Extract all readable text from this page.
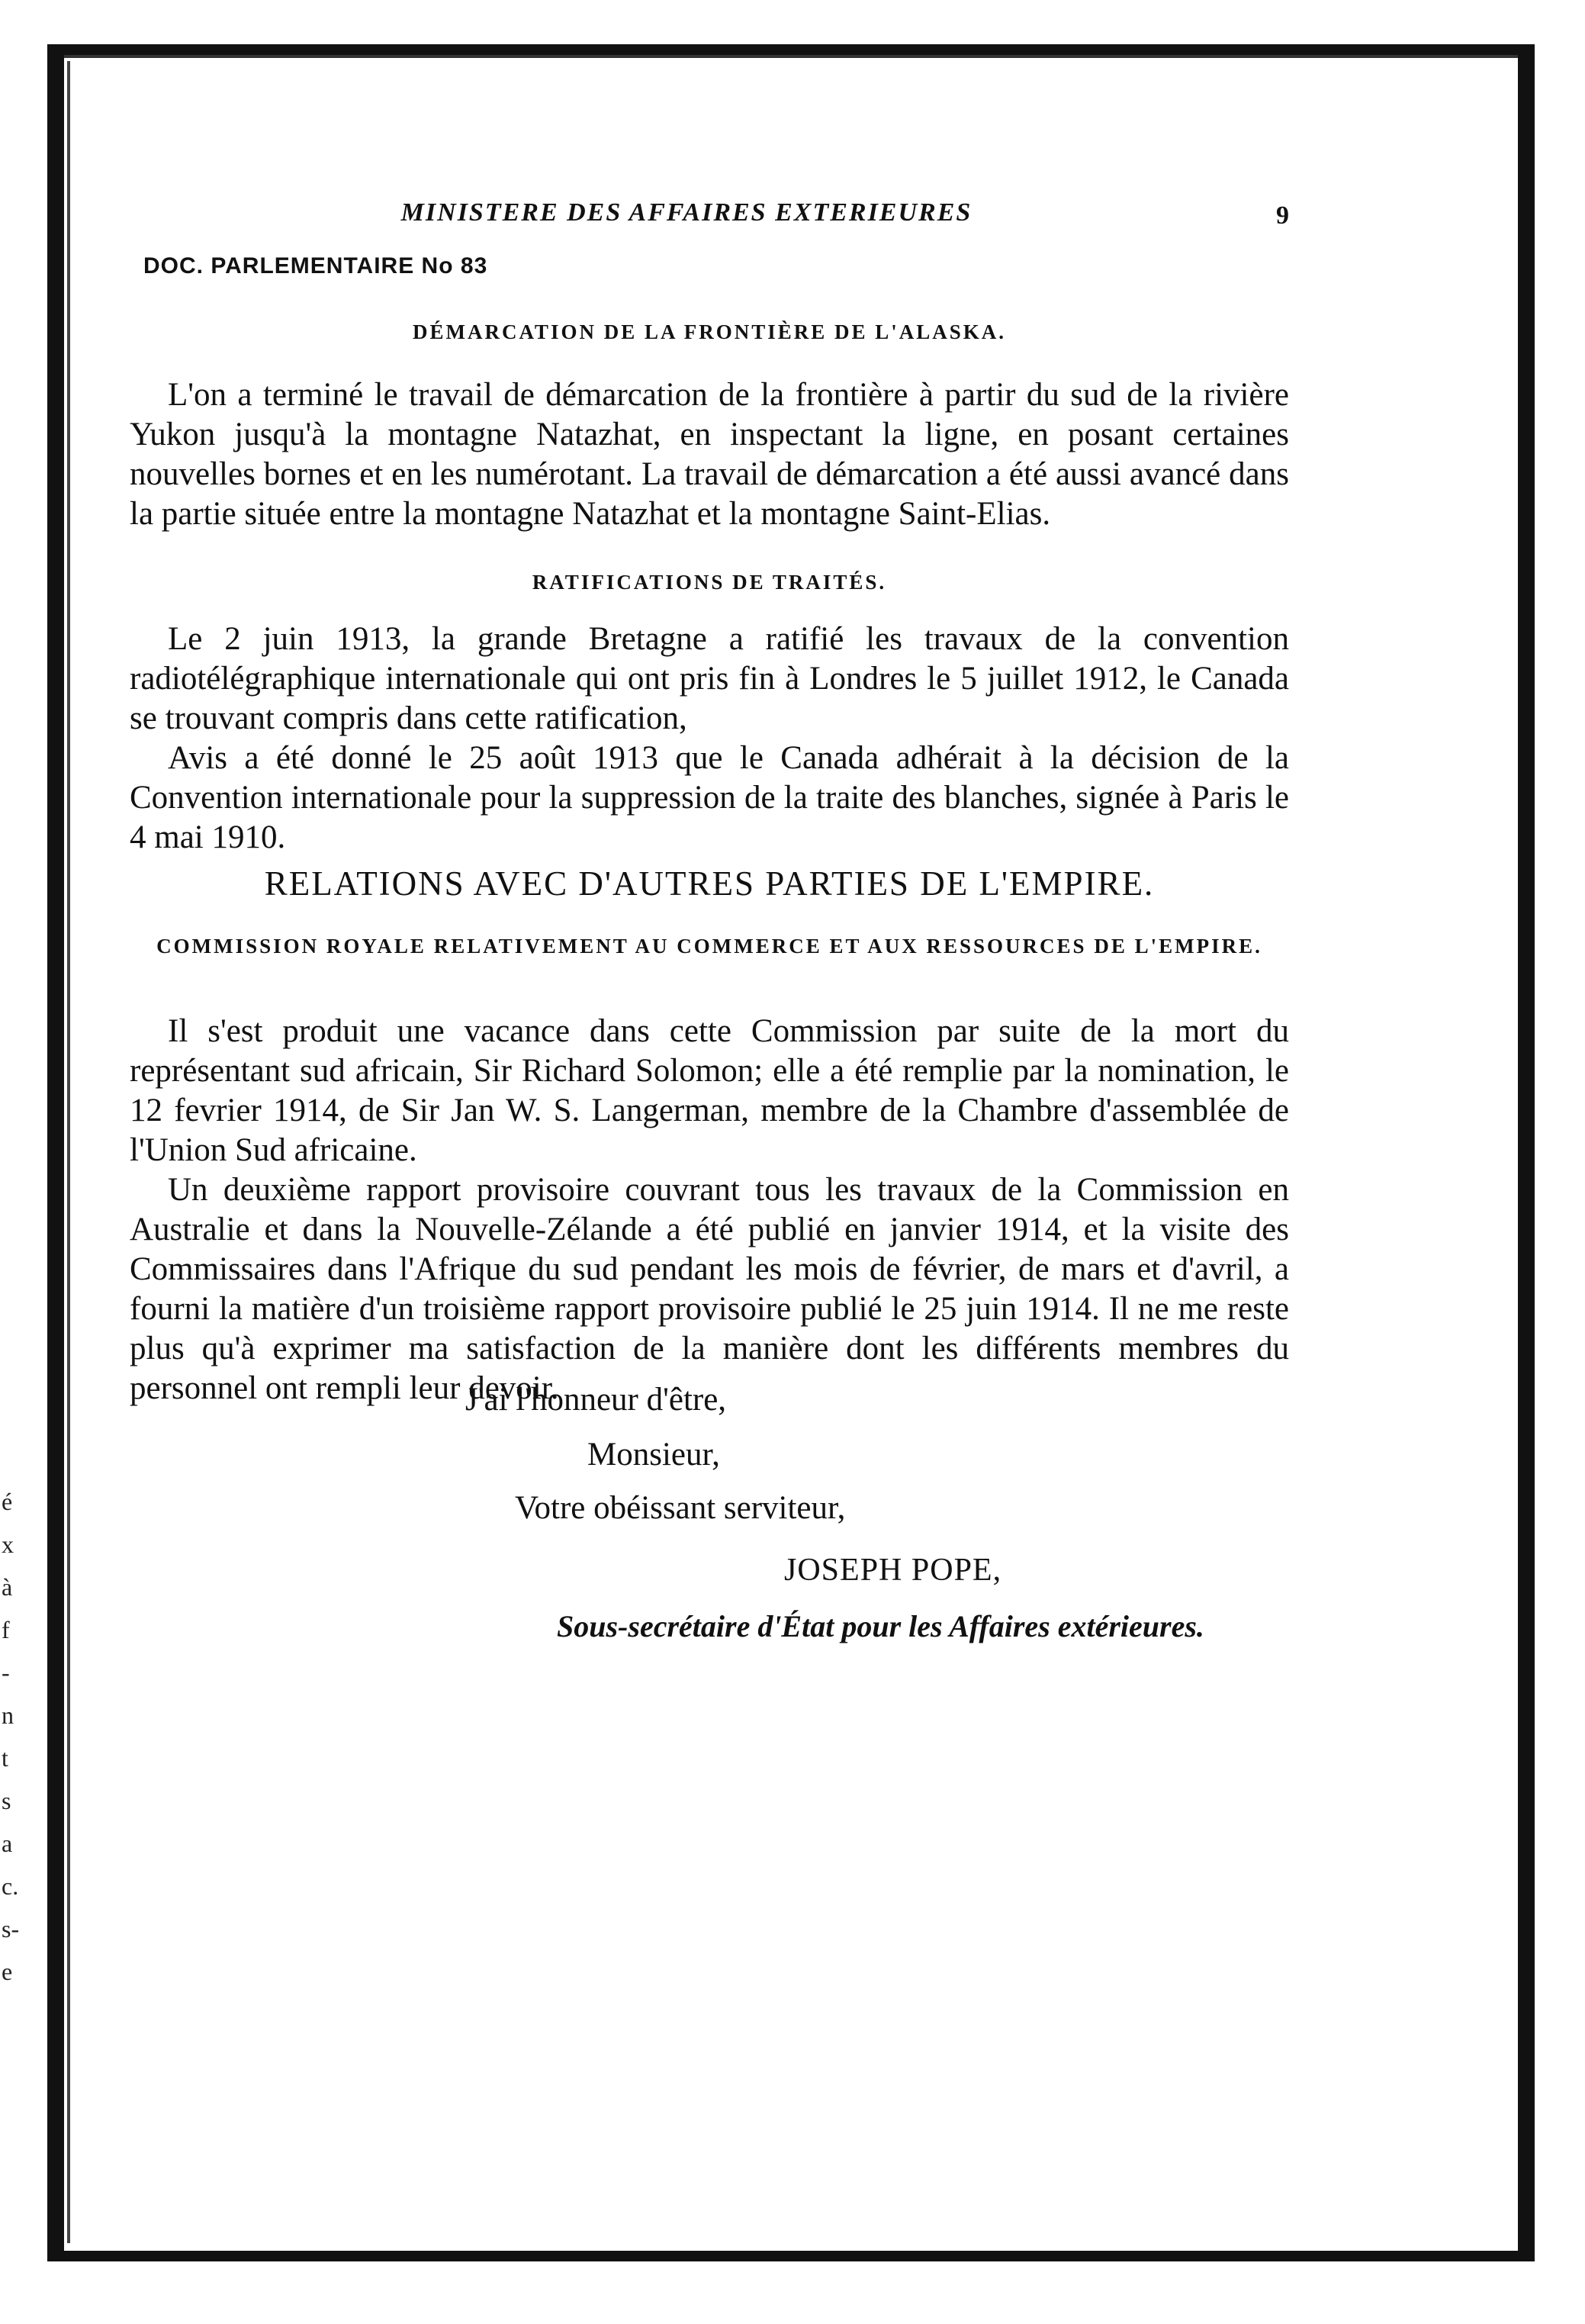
é x à f - n t s a c. s- e
MINISTERE DES AFFAIRES EXTERIEURES	9
DOC. PARLEMENTAIRE No 83
DÉMARCATION DE LA FRONTIÈRE DE L'ALASKA.

L'on a terminé le travail de démarcation de la frontière à partir du sud de la rivière Yukon jusqu'à la montagne Natazhat, en inspectant la ligne, en posant certaines nouvelles bornes et en les numérotant. La travail de démarcation a été aussi avancé dans la partie située entre la montagne Natazhat et la montagne Saint-Elias.

RATIFICATIONS DE TRAITÉS.

Le 2 juin 1913, la grande Bretagne a ratifié les travaux de la convention radiotélégraphique internationale qui ont pris fin à Londres le 5 juillet 1912, le Canada se trouvant compris dans cette ratification,

Avis a été donné le 25 août 1913 que le Canada adhérait à la décision de la Convention internationale pour la suppression de la traite des blanches, signée à Paris le 4 mai 1910.

RELATIONS AVEC D'AUTRES PARTIES DE L'EMPIRE.
COMMISSION ROYALE RELATIVEMENT AU COMMERCE ET AUX RESSOURCES DE L'EMPIRE.

Il s'est produit une vacance dans cette Commission par suite de la mort du représentant sud africain, Sir Richard Solomon; elle a été remplie par la nomination, le 12 fevrier 1914, de Sir Jan W. S. Langerman, membre de la Chambre d'assemblée de l'Union Sud africaine.

Un deuxième rapport provisoire couvrant tous les travaux de la Commission en Australie et dans la Nouvelle-Zélande a été publié en janvier 1914, et la visite des Commissaires dans l'Afrique du sud pendant les mois de février, de mars et d'avril, a fourni la matière d'un troisième rapport provisoire publié le 25 juin 1914. Il ne me reste plus qu'à exprimer ma satisfaction de la manière dont les différents membres du personnel ont rempli leur devoir.

J'ai l'honneur d'être,
Monsieur,
Votre obéissant serviteur,
JOSEPH POPE,
Sous-secrétaire d'État pour les Affaires extérieures.
